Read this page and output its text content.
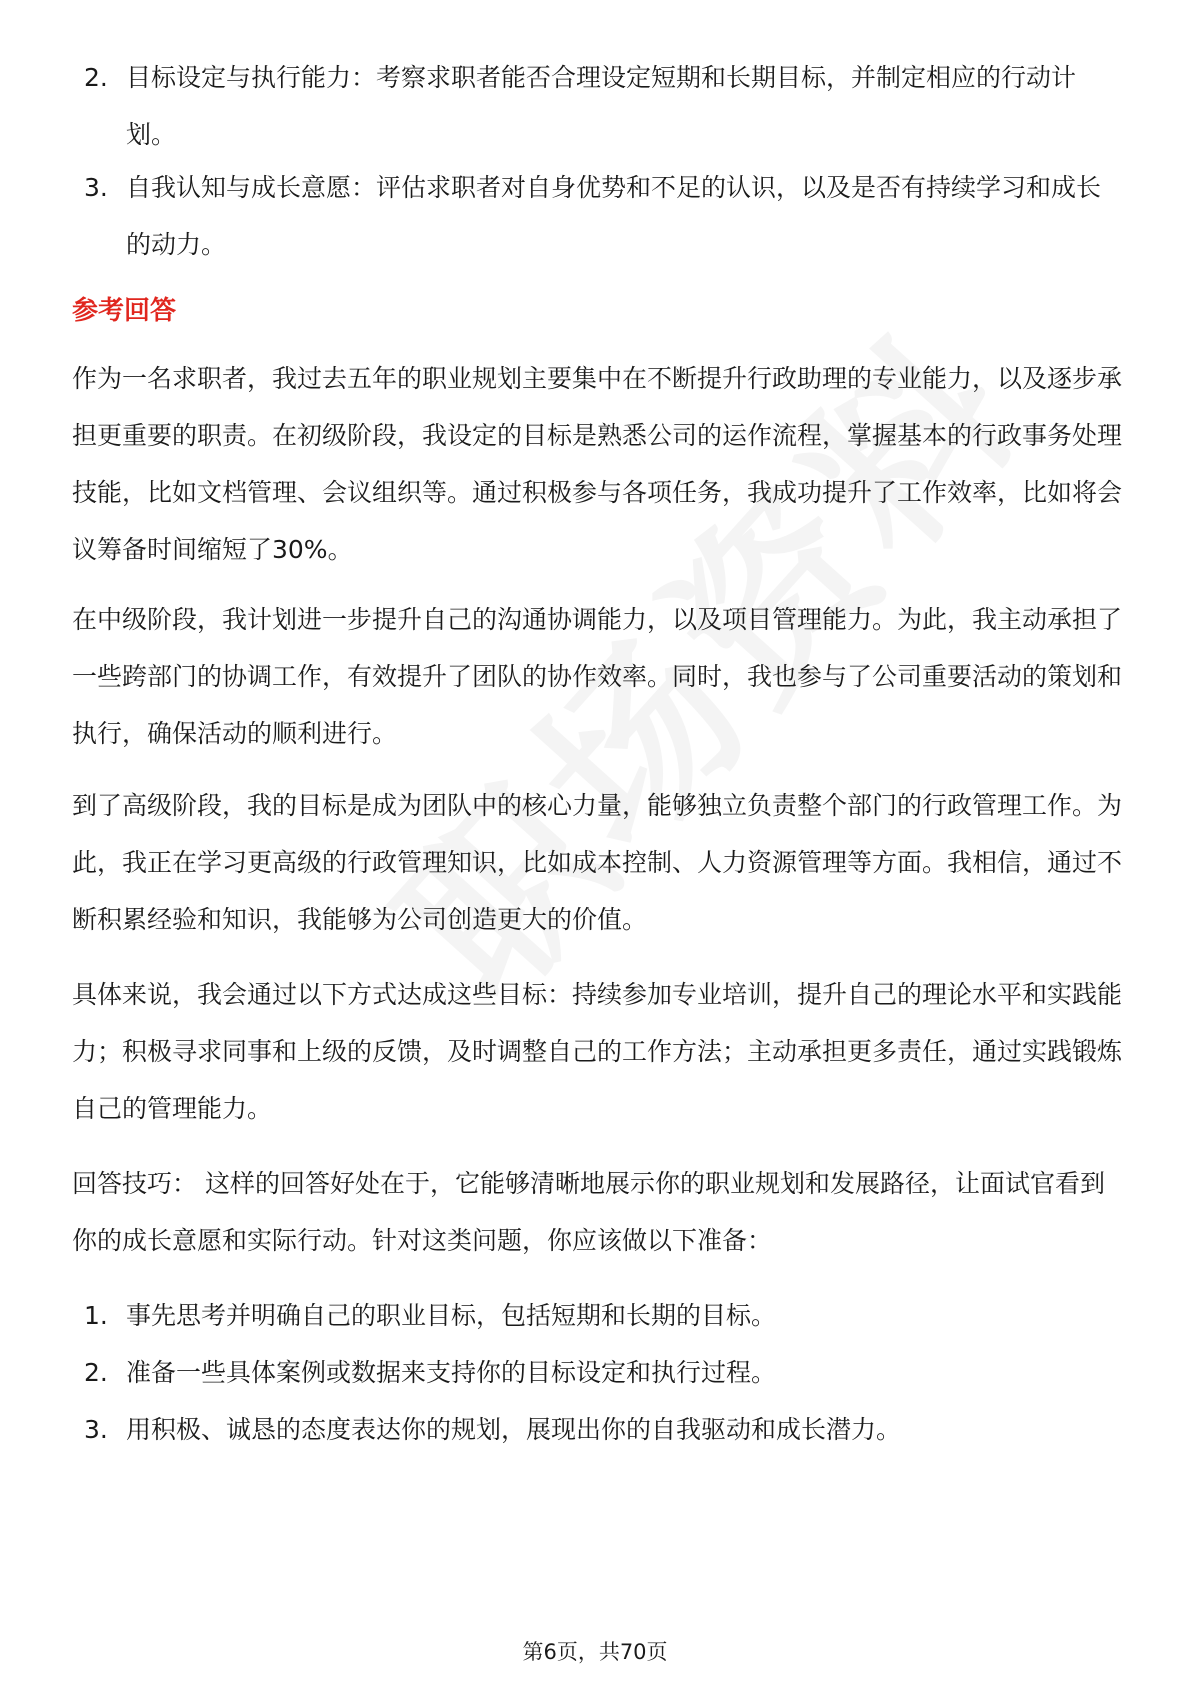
2. 目标设定与执行能力：考察求职者能否合理设定短期和长期目标，并制定相应的行动计划。
3. 自我认知与成长意愿：评估求职者对自身优势和不足的认识，以及是否有持续学习和成长的动力。
参考回答
作为一名求职者，我过去五年的职业规划主要集中在不断提升行政助理的专业能力，以及逐步承担更重要的职责。在初级阶段，我设定的目标是熟悉公司的运作流程，掌握基本的行政事务处理技能，比如文档管理、会议组织等。通过积极参与各项任务，我成功提升了工作效率，比如将会议筹备时间缩短了30%。
在中级阶段，我计划进一步提升自己的沟通协调能力，以及项目管理能力。为此，我主动承担了一些跨部门的协调工作，有效提升了团队的协作效率。同时，我也参与了公司重要活动的策划和执行，确保活动的顺利进行。
到了高级阶段，我的目标是成为团队中的核心力量，能够独立负责整个部门的行政管理工作。为此，我正在学习更高级的行政管理知识，比如成本控制、人力资源管理等方面。我相信，通过不断积累经验和知识，我能够为公司创造更大的价值。
具体来说，我会通过以下方式达成这些目标：持续参加专业培训，提升自己的理论水平和实践能力；积极寻求同事和上级的反馈，及时调整自己的工作方法；主动承担更多责任，通过实践锻炼自己的管理能力。
回答技巧： 这样的回答好处在于，它能够清晰地展示你的职业规划和发展路径，让面试官看到你的成长意愿和实际行动。针对这类问题，你应该做以下准备：
1. 事先思考并明确自己的职业目标，包括短期和长期的目标。
2. 准备一些具体案例或数据来支持你的目标设定和执行过程。
3. 用积极、诚恳的态度表达你的规划，展现出你的自我驱动和成长潜力。
第6页，共70页
